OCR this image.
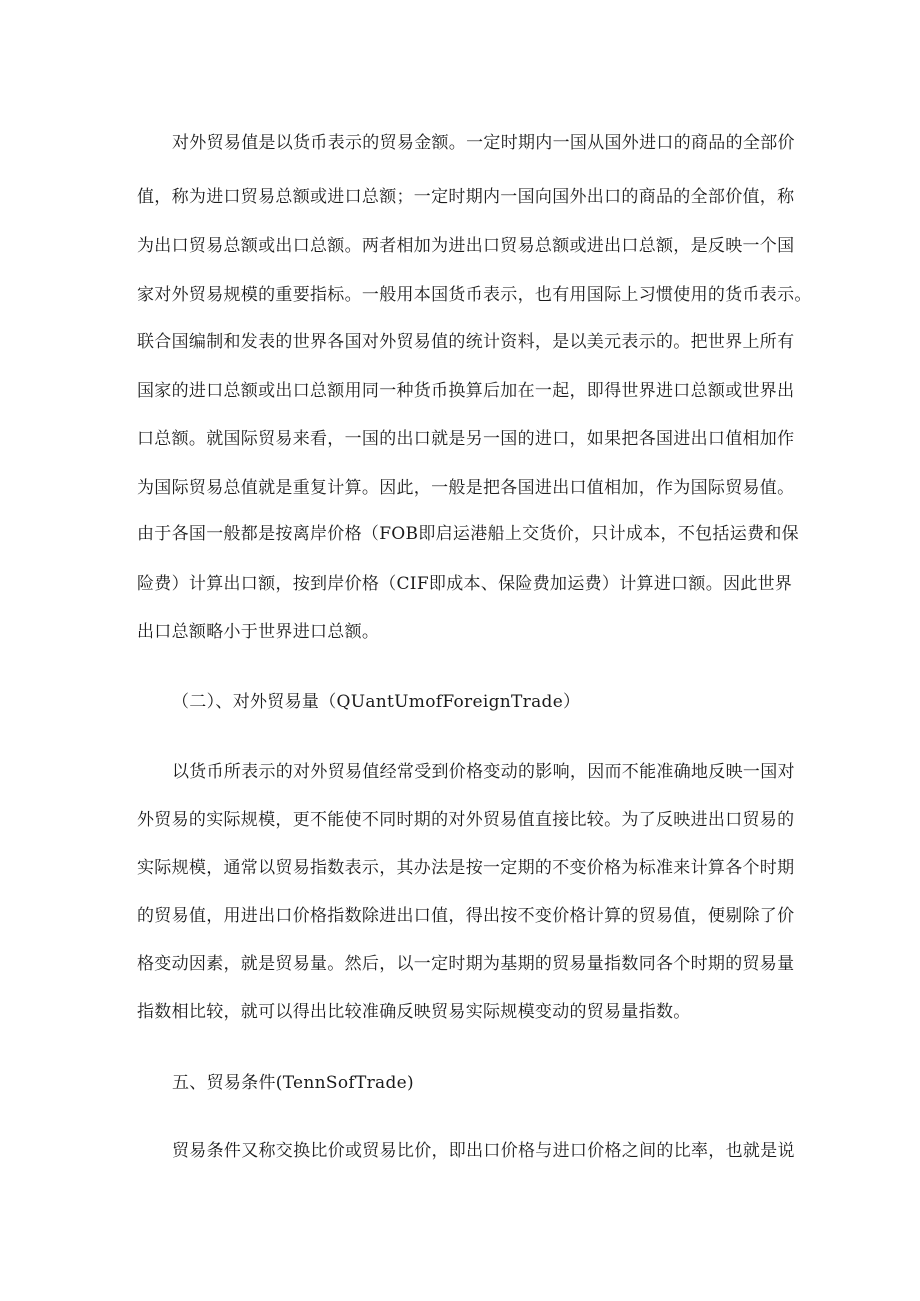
对外贸易值是以货币表示的贸易金额。一定时期内一国从国外进口的商品的全部价
值，称为进口贸易总额或进口总额；一定时期内一国向国外出口的商品的全部价值，称
为出口贸易总额或出口总额。两者相加为进出口贸易总额或进出口总额，是反映一个国
家对外贸易规模的重要指标。一般用本国货币表示，也有用国际上习惯使用的货币表示。
联合国编制和发表的世界各国对外贸易值的统计资料，是以美元表示的。把世界上所有
国家的进口总额或出口总额用同一种货币换算后加在一起，即得世界进口总额或世界出
口总额。就国际贸易来看，一国的出口就是另一国的进口，如果把各国进出口值相加作
为国际贸易总值就是重复计算。因此，一般是把各国进出口值相加，作为国际贸易值。
由于各国一般都是按离岸价格（FOB即启运港船上交货价，只计成本，不包括运费和保
险费）计算出口额，按到岸价格（CIF即成本、保险费加运费）计算进口额。因此世界
出口总额略小于世界进口总额。
（二）、对外贸易量（QUantUmofForeignTrade）
以货币所表示的对外贸易值经常受到价格变动的影响，因而不能准确地反映一国对
外贸易的实际规模，更不能使不同时期的对外贸易值直接比较。为了反映进出口贸易的
实际规模，通常以贸易指数表示，其办法是按一定期的不变价格为标准来计算各个时期
的贸易值，用进出口价格指数除进出口值，得出按不变价格计算的贸易值，便剔除了价
格变动因素，就是贸易量。然后，以一定时期为基期的贸易量指数同各个时期的贸易量
指数相比较，就可以得出比较准确反映贸易实际规模变动的贸易量指数。
五、贸易条件(TennSofTrade)
贸易条件又称交换比价或贸易比价，即出口价格与进口价格之间的比率，也就是说
